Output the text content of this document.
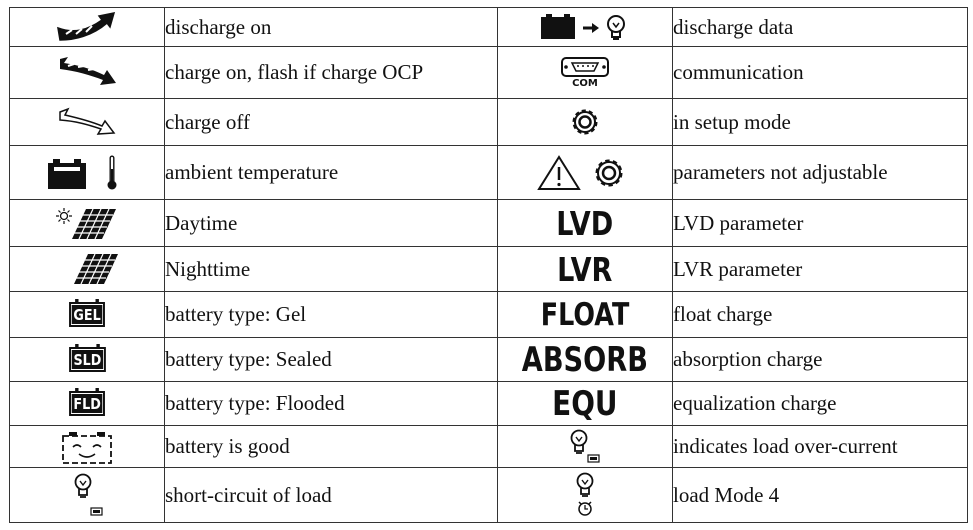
	discharge on		discharge data
	charge on, flash if charge OCP	COM	communication
	charge off		in setup mode
	ambient temperature		parameters not adjustable
	Daytime	LVD	LVD parameter
	Nighttime	LVR	LVR parameter
GEL	battery type: Gel	FLOAT	float charge
SLD	battery type: Sealed	ABSORB	absorption charge
FLD	battery type: Flooded	EQU	equalization charge
	battery is good		indicates load over-current
	short-circuit of load		load Mode 4
